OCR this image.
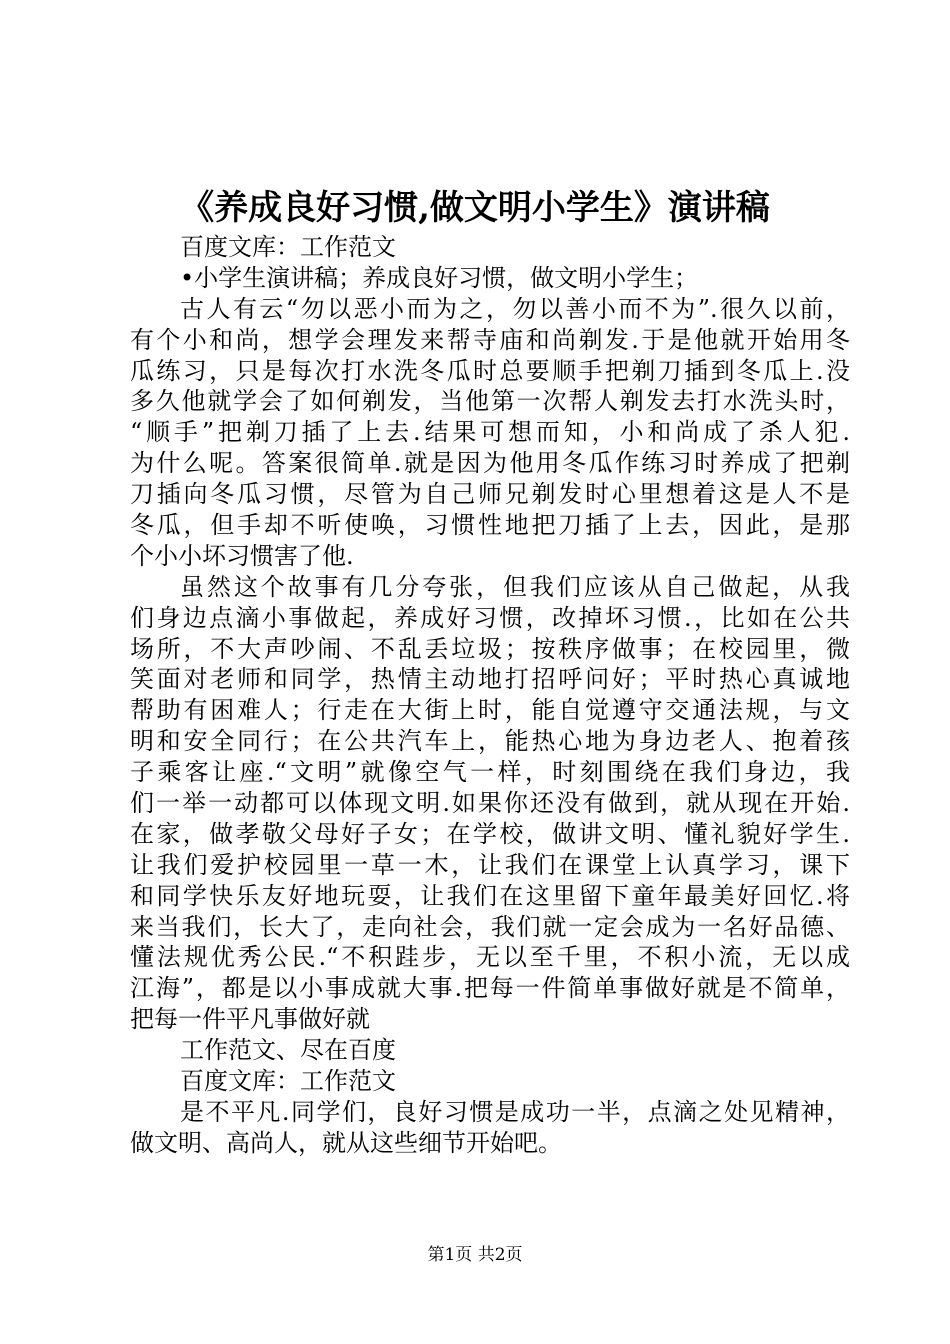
《养成良好习惯,做文明小学生》演讲稿
百度文库：工作范文
•小学生演讲稿；养成良好习惯，做文明小学生；
古人有云“勿以恶小而为之，勿以善小而不为”.很久以前，
有个小和尚，想学会理发来帮寺庙和尚剃发.于是他就开始用冬
瓜练习，只是每次打水洗冬瓜时总要顺手把剃刀插到冬瓜上.没
多久他就学会了如何剃发，当他第一次帮人剃发去打水洗头时，
“顺手”把剃刀插了上去.结果可想而知，小和尚成了杀人犯.
为什么呢。答案很简单.就是因为他用冬瓜作练习时养成了把剃
刀插向冬瓜习惯，尽管为自己师兄剃发时心里想着这是人不是
冬瓜，但手却不听使唤，习惯性地把刀插了上去，因此，是那
个小小坏习惯害了他.
虽然这个故事有几分夸张，但我们应该从自己做起，从我
们身边点滴小事做起，养成好习惯，改掉坏习惯.，比如在公共
场所，不大声吵闹、不乱丢垃圾；按秩序做事；在校园里，微
笑面对老师和同学，热情主动地打招呼问好；平时热心真诚地
帮助有困难人；行走在大街上时，能自觉遵守交通法规，与文
明和安全同行；在公共汽车上，能热心地为身边老人、抱着孩
子乘客让座.“文明”就像空气一样，时刻围绕在我们身边，我
们一举一动都可以体现文明.如果你还没有做到，就从现在开始.
在家，做孝敬父母好子女；在学校，做讲文明、懂礼貌好学生.
让我们爱护校园里一草一木，让我们在课堂上认真学习，课下
和同学快乐友好地玩耍，让我们在这里留下童年最美好回忆.将
来当我们，长大了，走向社会，我们就一定会成为一名好品德、
懂法规优秀公民.“不积跬步，无以至千里，不积小流，无以成
江海”，都是以小事成就大事.把每一件简单事做好就是不简单，
把每一件平凡事做好就
工作范文、尽在百度
百度文库：工作范文
是不平凡.同学们，良好习惯是成功一半，点滴之处见精神，
做文明、高尚人，就从这些细节开始吧。
第1页 共2页
